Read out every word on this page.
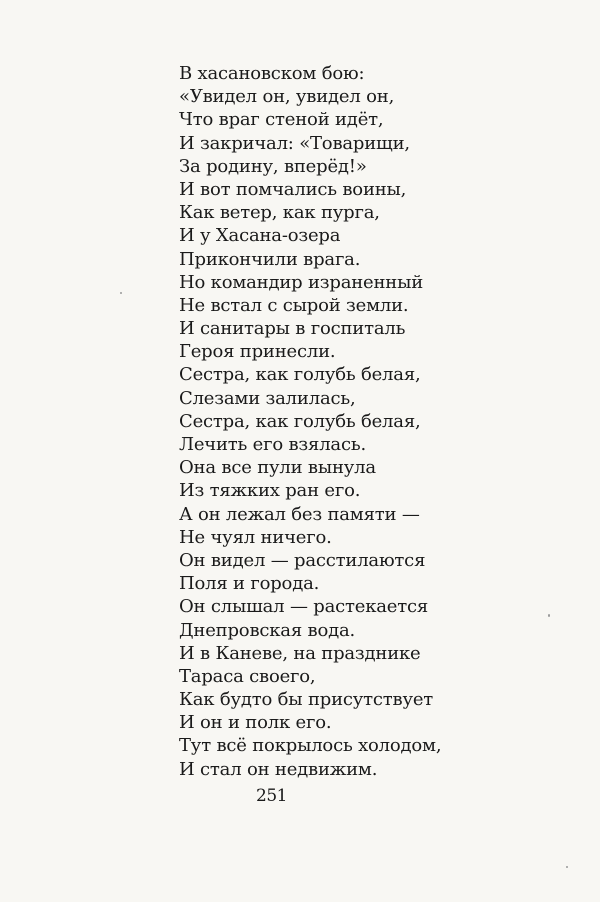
В хасановском бою:
«Увидел он, увидел он,
Что враг стеной идёт,
И закричал: «Товарищи,
За родину, вперёд!»
И вот помчались воины,
Как ветер, как пурга,
И у Хасана-озера
Прикончили врага.
Но командир израненный
Не встал с сырой земли.
И санитары в госпиталь
Героя принесли.
Сестра, как голубь белая,
Слезами залилась,
Сестра, как голубь белая,
Лечить его взялась.
Она все пули вынула
Из тяжких ран его.
А он лежал без памяти —
Не чуял ничего.
Он видел — расстилаются
Поля и города.
Он слышал — растекается
Днепровская вода.
И в Каневе, на празднике
Тараса своего,
Как будто бы присутствует
И он и полк его.
Тут всё покрылось холодом,
И стал он недвижим.
251
